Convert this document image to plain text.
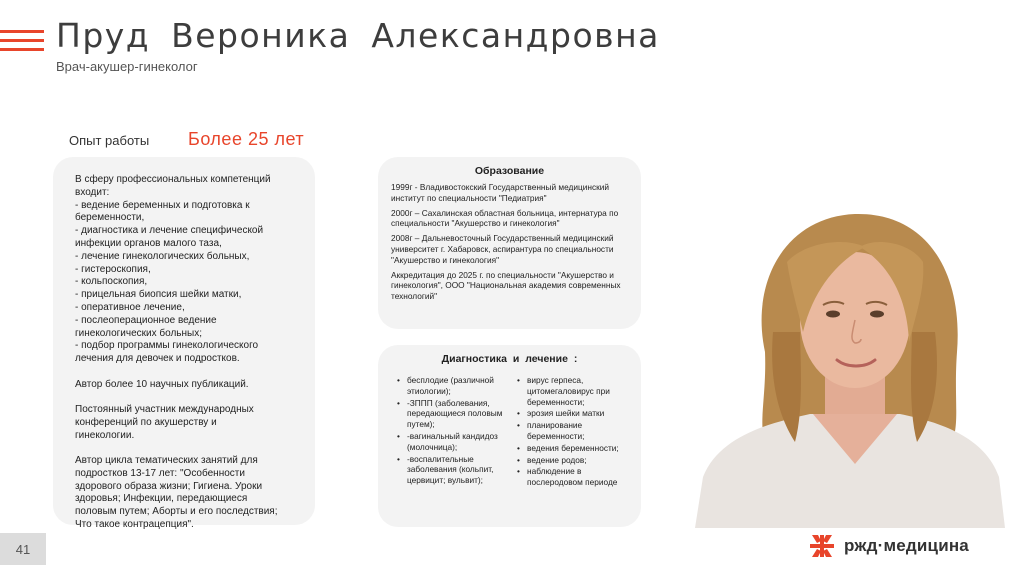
Пруд Вероника Александровна
Врач-акушер-гинеколог
Опыт работы Более 25 лет
В сферу профессиональных компетенций
входит:
- ведение беременных и подготовка к
беременности,
- диагностика и лечение специфической
инфекции органов малого таза,
- лечение гинекологических больных,
- гистероскопия,
- кольпоскопия,
- прицельная биопсия шейки матки,
- оперативное лечение,
- послеоперационное ведение
гинекологических больных;
- подбор программы гинекологического
лечения для девочек и подростков.
Автор более 10 научных публикаций.
Постоянный участник международных
конференций по акушерству и
гинекологии.
Автор цикла тематических занятий для
подростков 13-17 лет: "Особенности
здорового образа жизни; Гигиена. Уроки
здоровья; Инфекции, передающиеся
половым путем; Аборты и его последствия;
Что такое контрацепция".
Образование
1999г - Владивостокский Государственный медицинский институт по специальности "Педиатрия"
2000г – Сахалинская областная больница, интернатура по специальности "Акушерство и гинекология"
2008г – Дальневосточный Государственный медицинский университет г. Хабаровск, аспирантура по специальности "Акушерство и гинекология"
Аккредитация до 2025 г. по специальности "Акушерство и гинекология", ООО "Национальная академия современных технологий"
Диагностика и лечение :
• бесплодие (различной этиологии);
• -ЗППП (заболевания, передающиеся половым путем);
• -вагинальный кандидоз (молочница);
• -воспалительные заболевания (кольпит, цервицит; вульвит);
• вирус герпеса, цитомегаловирус при беременности;
• эрозия шейки матки
• планирование беременности;
• ведения беременности;
• ведение родов;
• наблюдение в послеродовом периоде
41	ржд·медицина
